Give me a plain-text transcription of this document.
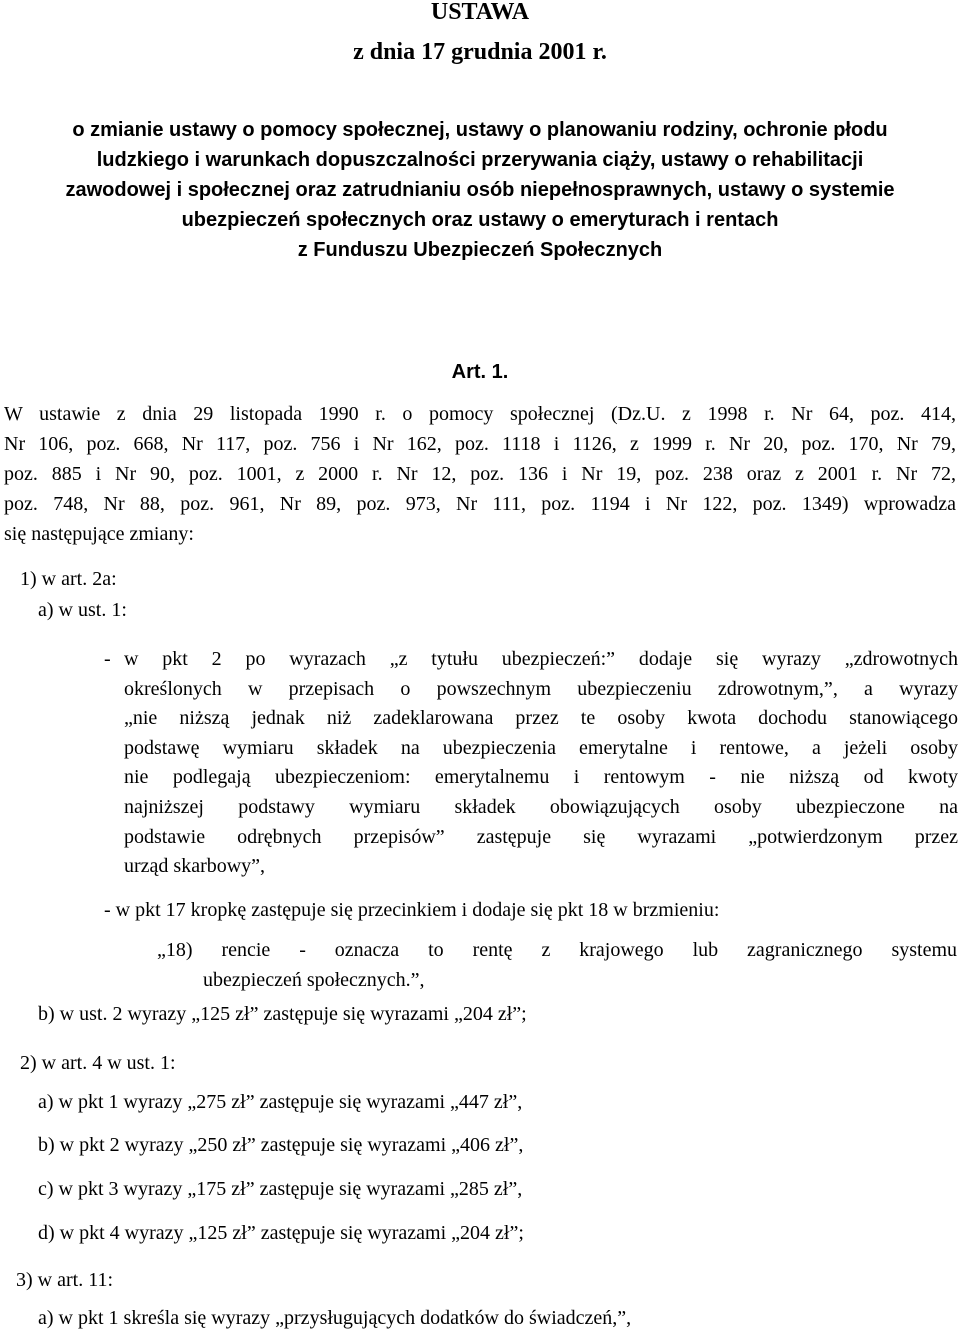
USTAWA
z dnia 17 grudnia 2001 r.
o zmianie ustawy o pomocy społecznej, ustawy o planowaniu rodziny, ochronie płodu
ludzkiego i warunkach dopuszczalności przerywania ciąży, ustawy o rehabilitacji
zawodowej i społecznej oraz zatrudnianiu osób niepełnosprawnych, ustawy o systemie
ubezpieczeń społecznych oraz ustawy o emeryturach i rentach
z Funduszu Ubezpieczeń Społecznych
Art. 1.
W ustawie z dnia 29 listopada 1990 r. o pomocy społecznej (Dz.U. z 1998 r. Nr 64, poz. 414,
Nr 106, poz. 668, Nr 117, poz. 756 i Nr 162, poz. 1118 i 1126, z 1999 r. Nr 20, poz. 170, Nr 79,
poz. 885 i Nr 90, poz. 1001, z 2000 r. Nr 12, poz. 136 i Nr 19, poz. 238 oraz z 2001 r. Nr 72,
poz. 748, Nr 88, poz. 961, Nr 89, poz. 973, Nr 111, poz. 1194 i Nr 122, poz. 1349) wprowadza
się następujące zmiany:
1) w art. 2a:
a) w ust. 1:
- w pkt 2 po wyrazach „z tytułu ubezpieczeń:” dodaje się wyrazy „zdrowotnych
określonych w przepisach o powszechnym ubezpieczeniu zdrowotnym,”, a wyrazy
„nie niższą jednak niż zadeklarowana przez te osoby kwota dochodu stanowiącego
podstawę wymiaru składek na ubezpieczenia emerytalne i rentowe, a jeżeli osoby
nie podlegają ubezpieczeniom: emerytalnemu i rentowym - nie niższą od kwoty
najniższej podstawy wymiaru składek obowiązujących osoby ubezpieczone na
podstawie odrębnych przepisów” zastępuje się wyrazami „potwierdzonym przez
urząd skarbowy”,
- w pkt 17 kropkę zastępuje się przecinkiem i dodaje się pkt 18 w brzmieniu:
„18) rencie - oznacza to rentę z krajowego lub zagranicznego systemu
ubezpieczeń społecznych.”,
b) w ust. 2 wyrazy „125 zł” zastępuje się wyrazami „204 zł”;
2) w art. 4 w ust. 1:
a) w pkt 1 wyrazy „275 zł” zastępuje się wyrazami „447 zł”,
b) w pkt 2 wyrazy „250 zł” zastępuje się wyrazami „406 zł”,
c) w pkt 3 wyrazy „175 zł” zastępuje się wyrazami „285 zł”,
d) w pkt 4 wyrazy „125 zł” zastępuje się wyrazami „204 zł”;
3) w art. 11:
a) w pkt 1 skreśla się wyrazy „przysługujących dodatków do świadczeń,”,
